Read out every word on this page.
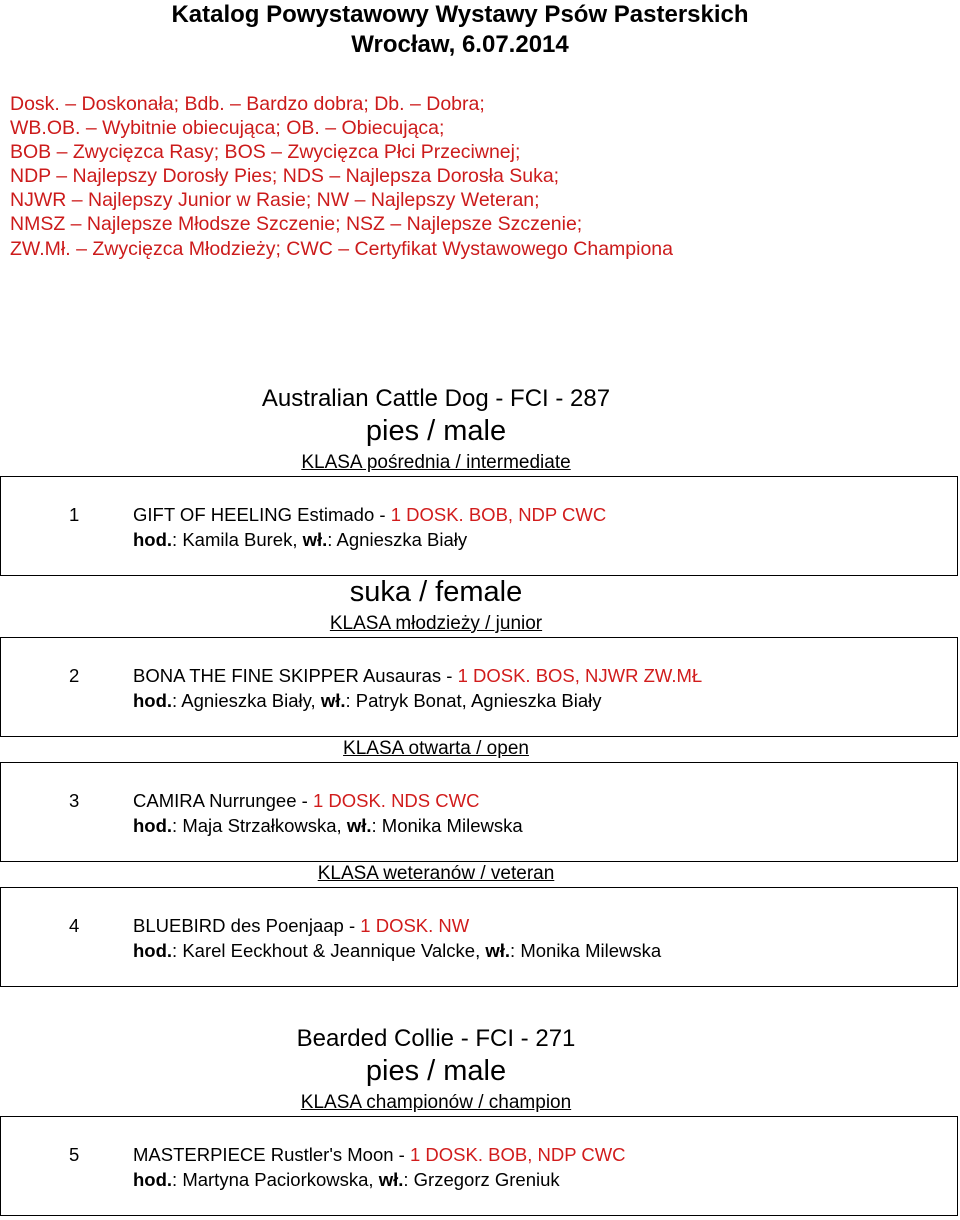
Katalog Powystawowy Wystawy Psów Pasterskich
Wrocław, 6.07.2014
Dosk. – Doskonała; Bdb. – Bardzo dobra; Db. – Dobra;
WB.OB. – Wybitnie obiecująca; OB. – Obiecująca;
BOB – Zwycięzca Rasy; BOS – Zwycięzca Płci Przeciwnej;
NDP – Najlepszy Dorosły Pies; NDS – Najlepsza Dorosła Suka;
NJWR – Najlepszy Junior w Rasie; NW – Najlepszy Weteran;
NMSZ – Najlepsze Młodsze Szczenie; NSZ – Najlepsze Szczenie;
ZW.Mł. – Zwycięzca Młodzieży; CWC – Certyfikat Wystawowego Championa
Australian Cattle Dog - FCI - 287
pies / male
KLASA pośrednia / intermediate
1	GIFT OF HEELING Estimado - 1 DOSK. BOB, NDP CWC
hod.: Kamila Burek, wł.: Agnieszka Biały
suka / female
KLASA młodzieży / junior
2	BONA THE FINE SKIPPER Ausauras - 1 DOSK. BOS, NJWR ZW.MŁ
hod.: Agnieszka Biały, wł.: Patryk Bonat, Agnieszka Biały
KLASA otwarta / open
3	CAMIRA Nurrungee - 1 DOSK. NDS CWC
hod.: Maja Strzałkowska, wł.: Monika Milewska
KLASA weteranów / veteran
4	BLUEBIRD des Poenjaap - 1 DOSK. NW
hod.: Karel Eeckhout & Jeannique Valcke, wł.: Monika Milewska
Bearded Collie - FCI - 271
pies / male
KLASA championów / champion
5	MASTERPIECE Rustler's Moon - 1 DOSK. BOB, NDP CWC
hod.: Martyna Paciorkowska, wł.: Grzegorz Greniuk
